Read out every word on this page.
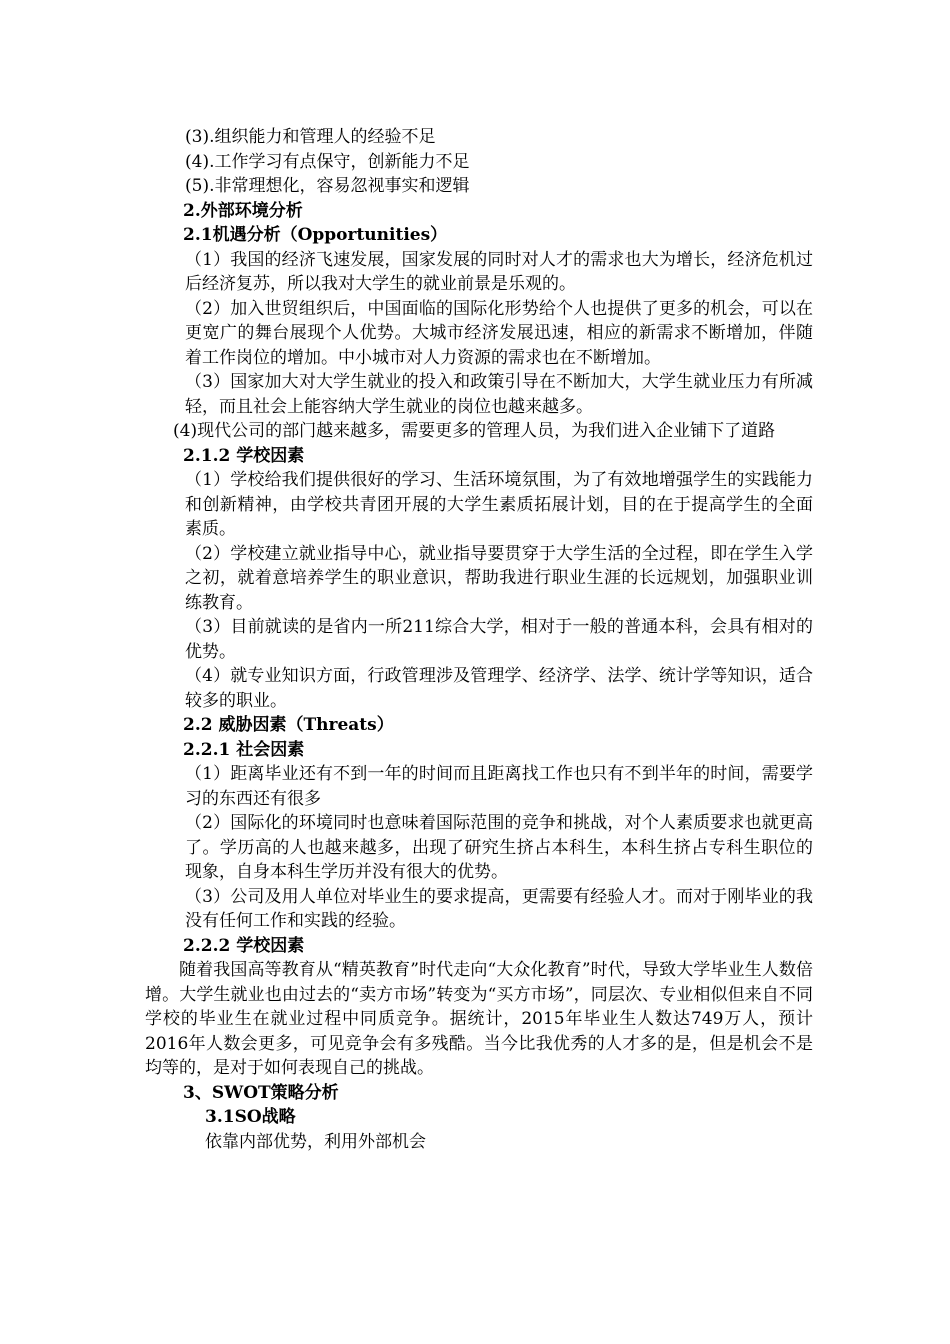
(3).组织能力和管理人的经验不足

(4).工作学习有点保守，创新能力不足

(5).非常理想化，容易忽视事实和逻辑

2.外部环境分析

2.1机遇分析（Opportunities）

（1）我国的经济飞速发展，国家发展的同时对人才的需求也大为增长，经济危机过后经济复苏，所以我对大学生的就业前景是乐观的。

（2）加入世贸组织后，中国面临的国际化形势给个人也提供了更多的机会，可以在更宽广的舞台展现个人优势。大城市经济发展迅速，相应的新需求不断增加，伴随着工作岗位的增加。中小城市对人力资源的需求也在不断增加。

（3）国家加大对大学生就业的投入和政策引导在不断加大，大学生就业压力有所减轻，而且社会上能容纳大学生就业的岗位也越来越多。

(4)现代公司的部门越来越多，需要更多的管理人员，为我们进入企业铺下了道路

2.1.2 学校因素

（1）学校给我们提供很好的学习、生活环境氛围，为了有效地增强学生的实践能力和创新精神，由学校共青团开展的大学生素质拓展计划，目的在于提高学生的全面素质。

（2）学校建立就业指导中心，就业指导要贯穿于大学生活的全过程，即在学生入学之初，就着意培养学生的职业意识，帮助我进行职业生涯的长远规划，加强职业训练教育。

（3）目前就读的是省内一所211综合大学，相对于一般的普通本科，会具有相对的优势。

（4）就专业知识方面，行政管理涉及管理学、经济学、法学、统计学等知识，适合较多的职业。

2.2 威胁因素（Threats）

2.2.1 社会因素

（1）距离毕业还有不到一年的时间而且距离找工作也只有不到半年的时间，需要学习的东西还有很多

（2）国际化的环境同时也意味着国际范围的竞争和挑战，对个人素质要求也就更高了。学历高的人也越来越多，出现了研究生挤占本科生，本科生挤占专科生职位的现象，自身本科生学历并没有很大的优势。

（3）公司及用人单位对毕业生的要求提高，更需要有经验人才。而对于刚毕业的我没有任何工作和实践的经验。

2.2.2 学校因素

随着我国高等教育从“精英教育”时代走向“大众化教育”时代，导致大学毕业生人数倍增。大学生就业也由过去的“卖方市场”转变为“买方市场”，同层次、专业相似但来自不同学校的毕业生在就业过程中同质竞争。据统计，2015年毕业生人数达749万人，预计2016年人数会更多，可见竞争会有多残酷。当今比我优秀的人才多的是，但是机会不是均等的，是对于如何表现自己的挑战。

3、SWOT策略分析

3.1SO战略

依靠内部优势，利用外部机会
